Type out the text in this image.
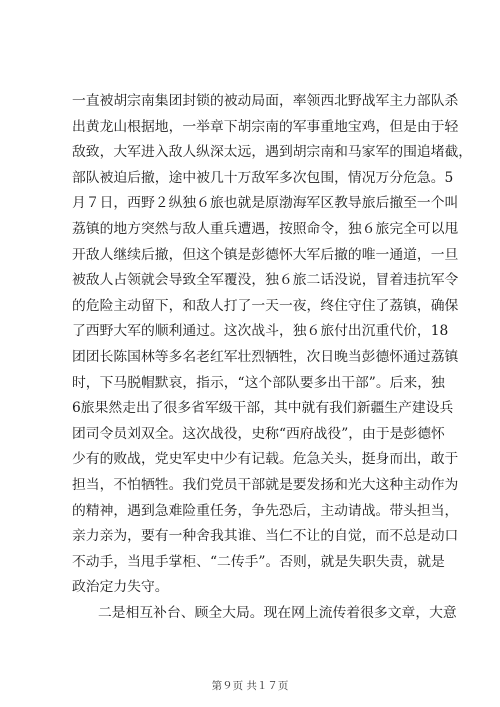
一直被胡宗南集团封锁的被动局面，率领西北野战军主力部队杀
出黄龙山根据地，一举章下胡宗南的军事重地宝鸡，但是由于轻
敌致，大军进入敌人纵深太远，遇到胡宗南和马家军的围追堵截，
部队被迫后撤，途中被几十万敌军多次包围，情况万分危急。5
月７日，西野２纵独６旅也就是原渤海军区教导旅后撤至一个叫
荔镇的地方突然与敌人重兵遭遇，按照命令，独６旅完全可以甩
开敌人继续后撤，但这个镇是彭德怀大军后撤的唯一通道，一旦
被敌人占领就会导致全军覆没，独６旅二话没说，冒着违抗军令
的危险主动留下，和敌人打了一天一夜，终住守住了荔镇，确保
了西野大军的顺利通过。这次战斗，独６旅付出沉重代价，18
团团长陈国林等多名老红军壮烈牺牲，次日晚当彭德怀通过荔镇
时，下马脱帽默哀，指示，“这个部队要多出干部”。后来，独
6旅果然走出了很多省军级干部，其中就有我们新疆生产建设兵
团司令员刘双全。这次战役，史称“西府战役”，由于是彭德怀
少有的败战，党史军史中少有记载。危急关头，挺身而出，敢于
担当，不怕牺牲。我们党员干部就是要发扬和光大这种主动作为
的精神，遇到急难险重任务，争先恐后，主动请战。带头担当，
亲力亲为，要有一种舍我其谁、当仁不让的自觉，而不总是动口
不动手，当甩手掌柜、“二传手”。否则，就是失职失责，就是
政治定力失守。
二是相互补台、顾全大局。现在网上流传着很多文章，大意
第９页 共１７页
